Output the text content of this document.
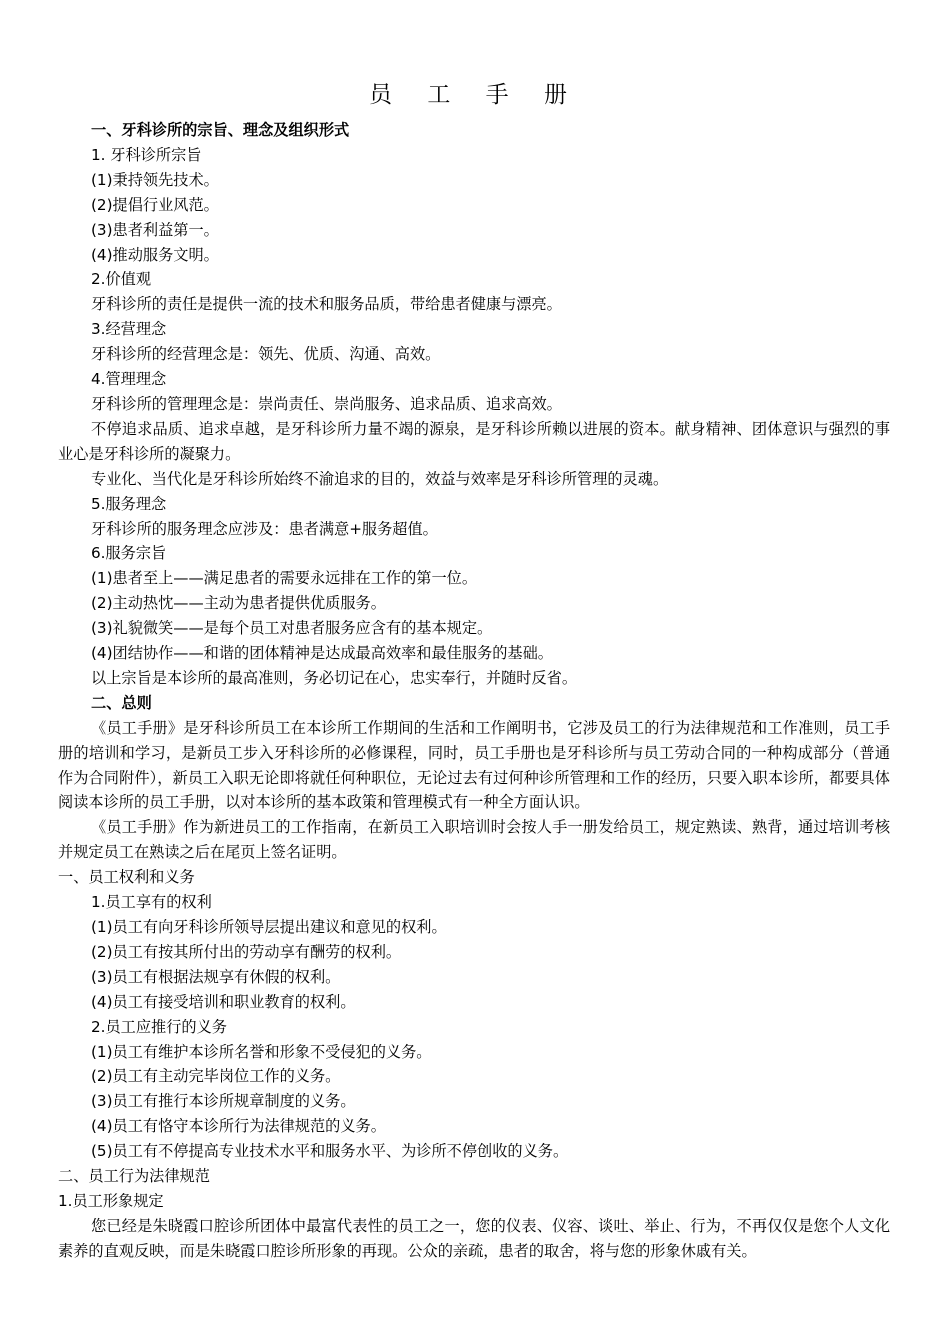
员 工 手 册

一、牙科诊所的宗旨、理念及组织形式

1. 牙科诊所宗旨

(1)秉持领先技术。

(2)提倡行业风范。

(3)患者利益第一。

(4)推动服务文明。

2.价值观

牙科诊所的责任是提供一流的技术和服务品质，带给患者健康与漂亮。

3.经营理念

牙科诊所的经营理念是：领先、优质、沟通、高效。

4.管理理念

牙科诊所的管理理念是：崇尚责任、崇尚服务、追求品质、追求高效。

不停追求品质、追求卓越，是牙科诊所力量不竭的源泉，是牙科诊所赖以进展的资本。献身精神、团体意识与强烈的事业心是牙科诊所的凝聚力。

专业化、当代化是牙科诊所始终不渝追求的目的，效益与效率是牙科诊所管理的灵魂。

5.服务理念

牙科诊所的服务理念应涉及：患者满意+服务超值。

6.服务宗旨

(1)患者至上——满足患者的需要永远排在工作的第一位。

(2)主动热忱——主动为患者提供优质服务。

(3)礼貌微笑——是每个员工对患者服务应含有的基本规定。

(4)团结协作——和谐的团体精神是达成最高效率和最佳服务的基础。

以上宗旨是本诊所的最高准则，务必切记在心，忠实奉行，并随时反省。

二、总则

《员工手册》是牙科诊所员工在本诊所工作期间的生活和工作阐明书，它涉及员工的行为法律规范和工作准则，员工手册的培训和学习，是新员工步入牙科诊所的必修课程，同时，员工手册也是牙科诊所与员工劳动合同的一种构成部分（普通作为合同附件），新员工入职无论即将就任何种职位，无论过去有过何种诊所管理和工作的经历，只要入职本诊所，都要具体阅读本诊所的员工手册，以对本诊所的基本政策和管理模式有一种全方面认识。

《员工手册》作为新进员工的工作指南，在新员工入职培训时会按人手一册发给员工，规定熟读、熟背，通过培训考核并规定员工在熟读之后在尾页上签名证明。

一、员工权利和义务

1.员工享有的权利

(1)员工有向牙科诊所领导层提出建议和意见的权利。

(2)员工有按其所付出的劳动享有酬劳的权利。

(3)员工有根据法规享有休假的权利。

(4)员工有接受培训和职业教育的权利。

2.员工应推行的义务

(1)员工有维护本诊所名誉和形象不受侵犯的义务。

(2)员工有主动完毕岗位工作的义务。

(3)员工有推行本诊所规章制度的义务。

(4)员工有恪守本诊所行为法律规范的义务。

(5)员工有不停提高专业技术水平和服务水平、为诊所不停创收的义务。

二、员工行为法律规范

1.员工形象规定

您已经是朱晓霞口腔诊所团体中最富代表性的员工之一，您的仪表、仪容、谈吐、举止、行为，不再仅仅是您个人文化素养的直观反映，而是朱晓霞口腔诊所形象的再现。公众的亲疏，患者的取舍，将与您的形象休戚有关。
